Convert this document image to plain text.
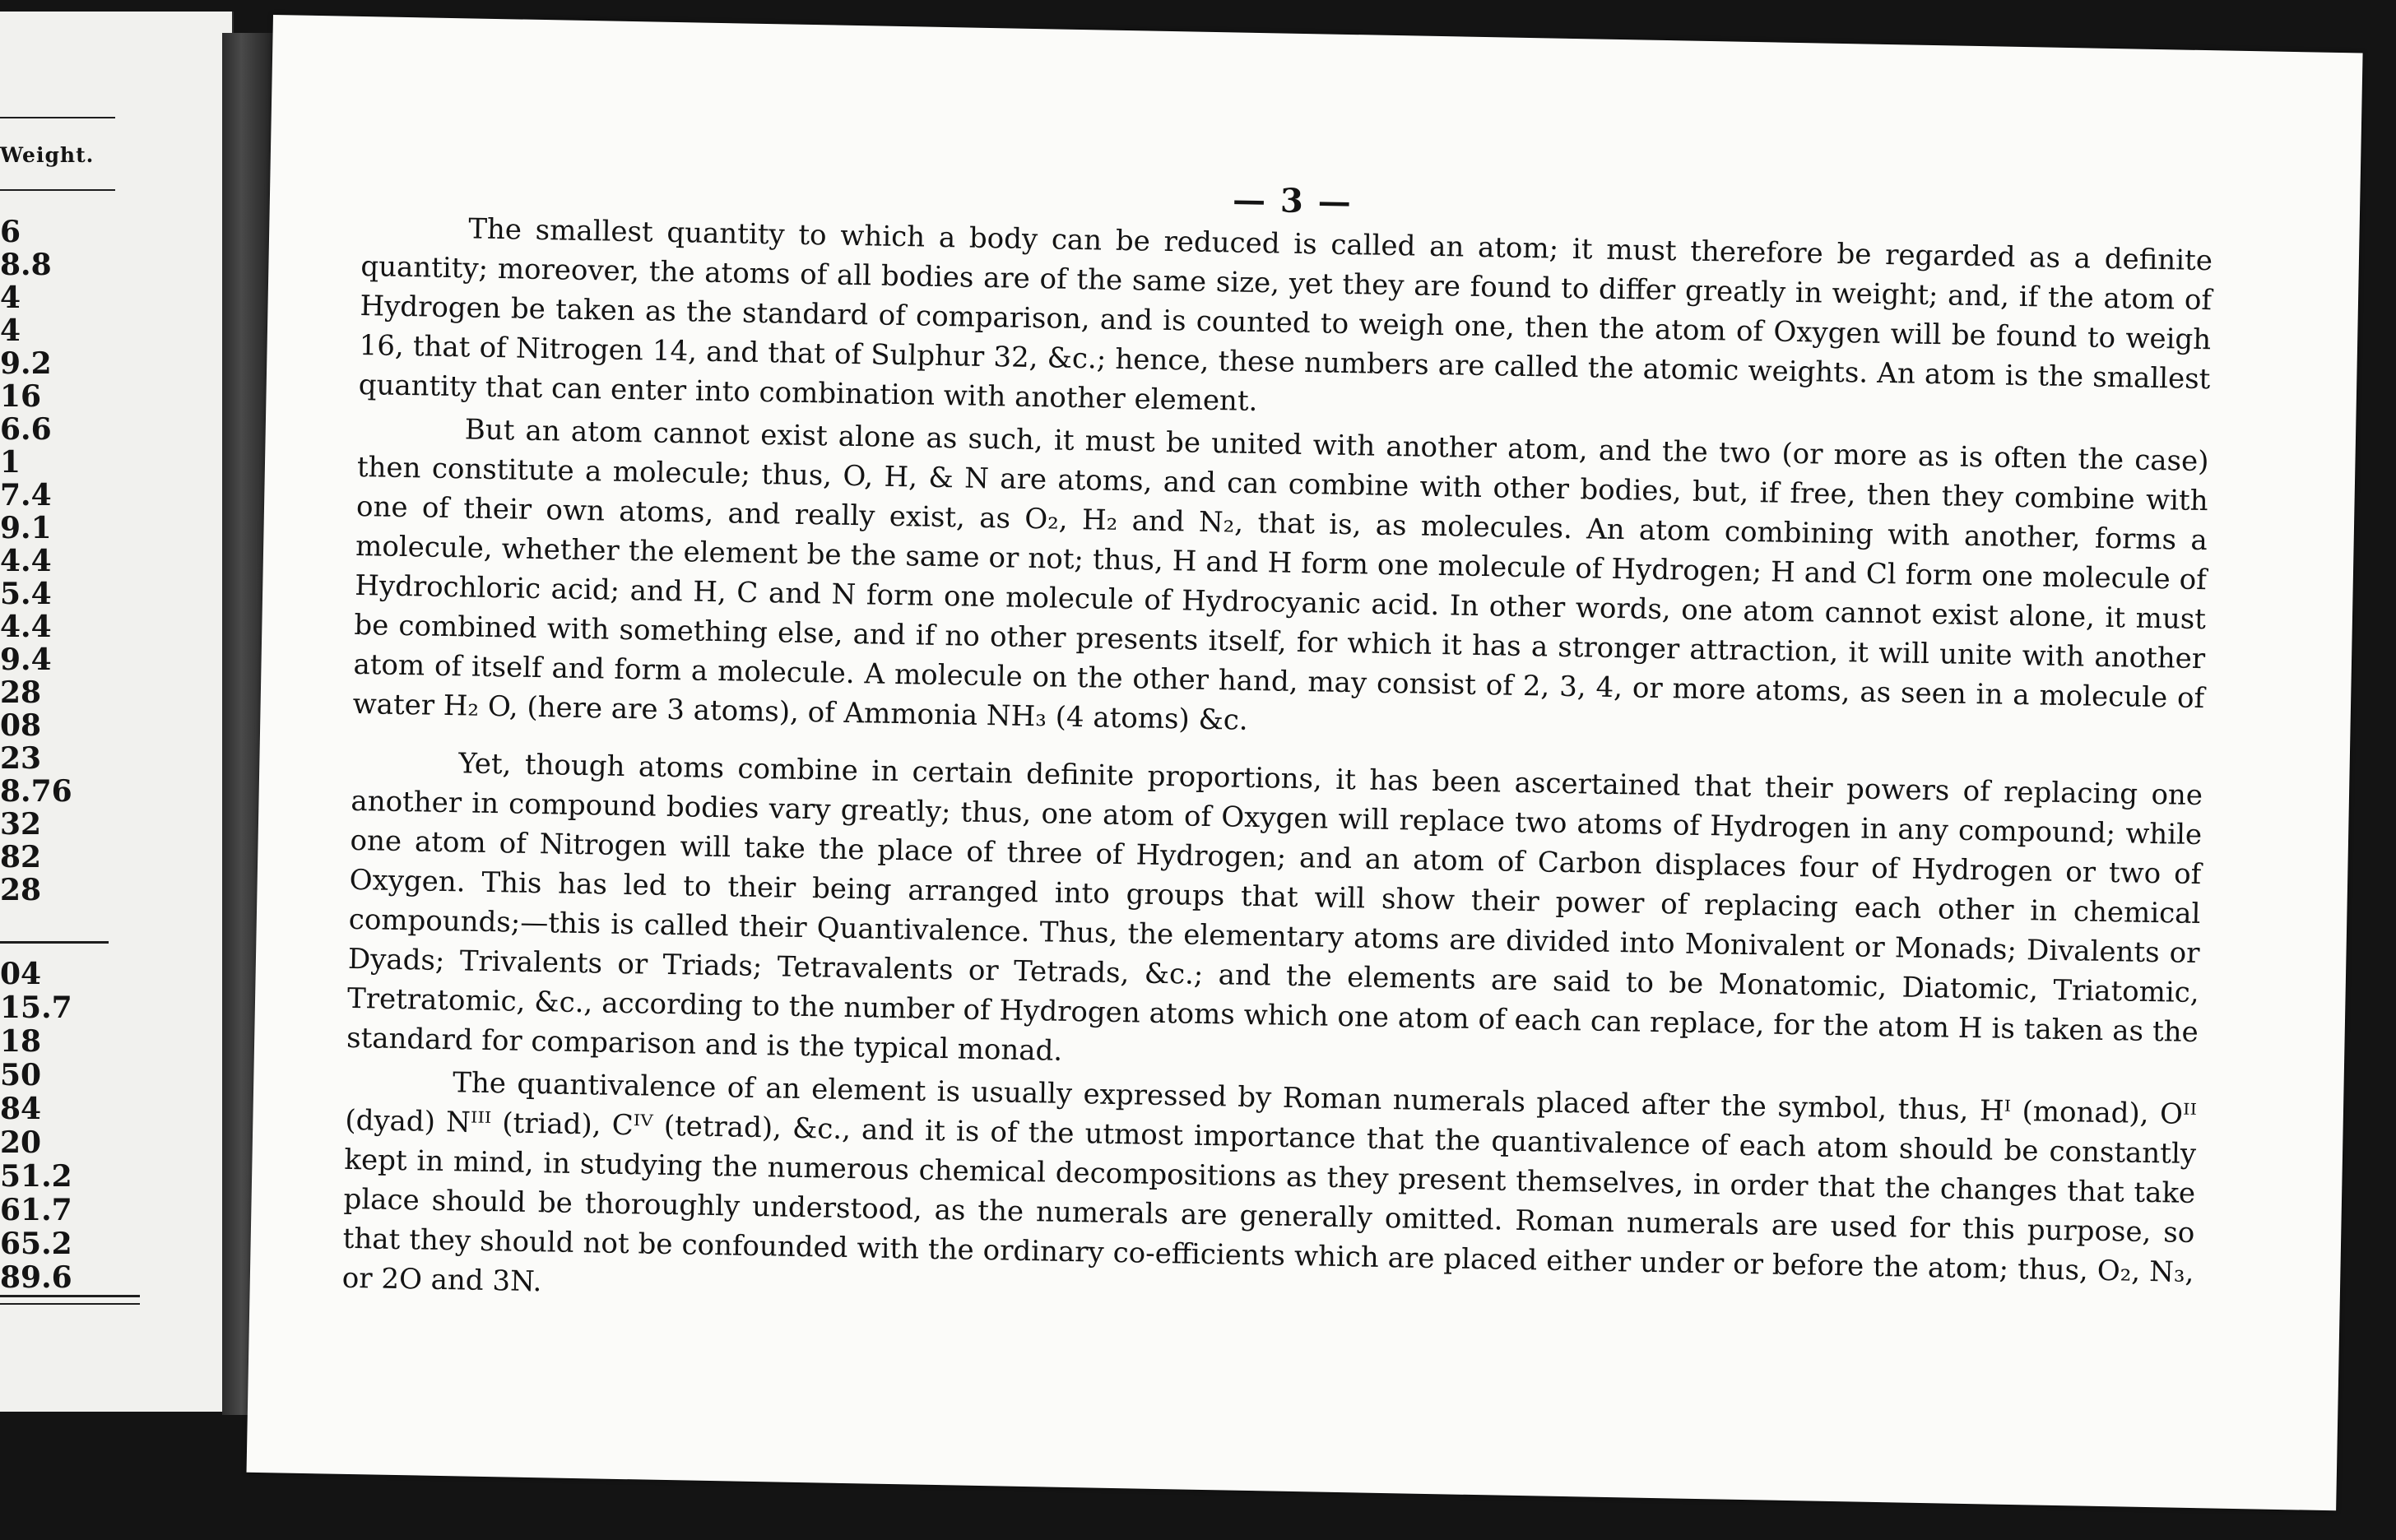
Weight.
6
8.8
4
4
9.2
16
6.6
1
7.4
9.1
4.4
5.4
4.4
9.4
28
08
23
8.76
32
82
28
04
15.7
18
50
84
20
51.2
61.7
65.2
89.6
— 3 —

The smallest quantity to which a body can be reduced is called an atom; it must therefore be regarded as a definite quantity; moreover, the atoms of all bodies are of the same size, yet they are found to differ greatly in weight; and, if the atom of Hydrogen be taken as the standard of comparison, and is counted to weigh one, then the atom of Oxygen will be found to weigh 16, that of Nitrogen 14, and that of Sulphur 32, &c.; hence, these numbers are called the atomic weights. An atom is the smallest quantity that can enter into combination with another element.

But an atom cannot exist alone as such, it must be united with another atom, and the two (or more as is often the case) then constitute a molecule; thus, O, H, & N are atoms, and can combine with other bodies, but, if free, then they combine with one of their own atoms, and really exist, as O₂, H₂ and N₂, that is, as molecules. An atom combining with another, forms a molecule, whether the element be the same or not; thus, H and H form one molecule of Hydrogen; H and Cl form one molecule of Hydrochloric acid; and H, C and N form one molecule of Hydrocyanic acid. In other words, one atom cannot exist alone, it must be combined with something else, and if no other presents itself, for which it has a stronger attraction, it will unite with another atom of itself and form a molecule. A molecule on the other hand, may consist of 2, 3, 4, or more atoms, as seen in a molecule of water H₂ O, (here are 3 atoms), of Ammonia NH₃ (4 atoms) &c.

Yet, though atoms combine in certain definite proportions, it has been ascertained that their powers of replacing one another in compound bodies vary greatly; thus, one atom of Oxygen will replace two atoms of Hydrogen in any compound; while one atom of Nitrogen will take the place of three of Hydrogen; and an atom of Carbon displaces four of Hydrogen or two of Oxygen. This has led to their being arranged into groups that will show their power of replacing each other in chemical compounds;—this is called their Quantivalence. Thus, the elementary atoms are divided into Monivalent or Monads; Divalents or Dyads; Trivalents or Triads; Tetravalents or Tetrads, &c.; and the elements are said to be Monatomic, Diatomic, Triatomic, Tretratomic, &c., according to the number of Hydrogen atoms which one atom of each can replace, for the atom H is taken as the standard for comparison and is the typical monad.

The quantivalence of an element is usually expressed by Roman numerals placed after the symbol, thus, Hᴵ (monad), Oᴵᴵ (dyad) Nᴵᴵᴵ (triad), Cᴵⱽ (tetrad), &c., and it is of the utmost importance that the quantivalence of each atom should be constantly kept in mind, in studying the numerous chemical decompositions as they present themselves, in order that the changes that take place should be thoroughly understood, as the numerals are generally omitted. Roman numerals are used for this purpose, so that they should not be confounded with the ordinary co-efficients which are placed either under or before the atom; thus, O₂, N₃, or 2O and 3N.
